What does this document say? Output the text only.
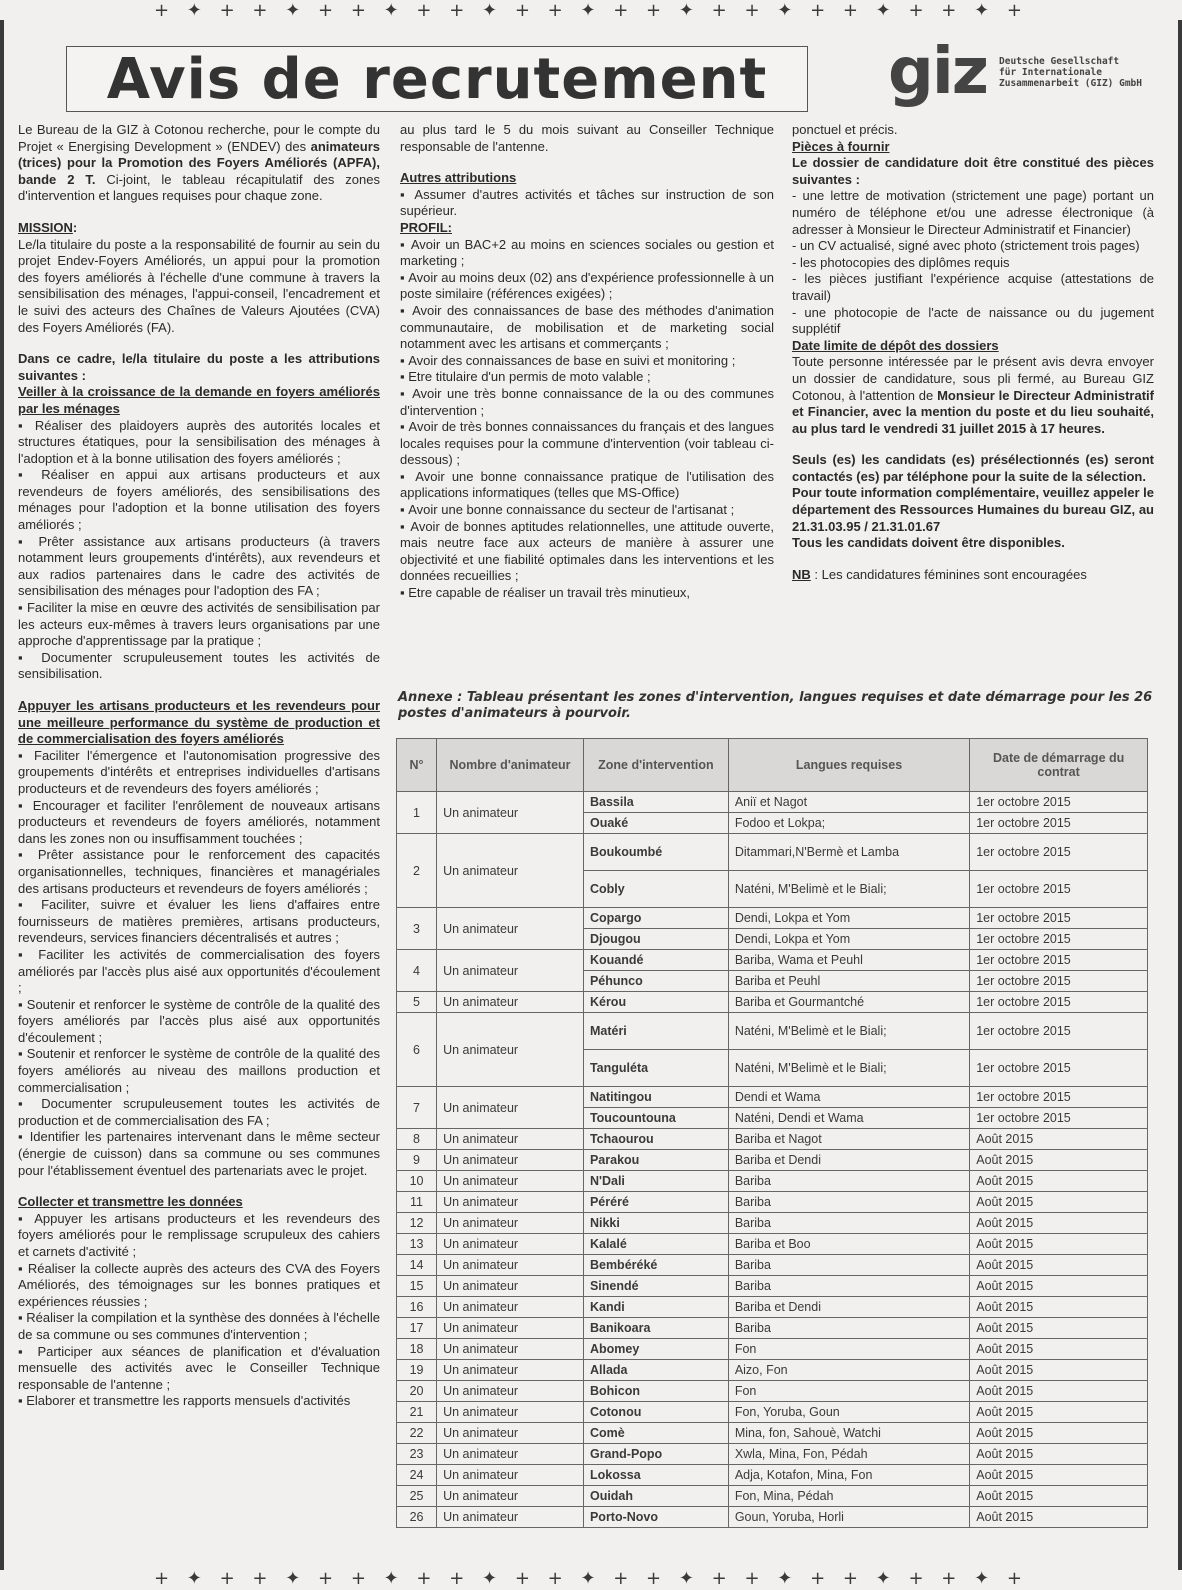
+ ✦ + + ✦ + + ✦ + + ✦ + + ✦ + + ✦ + + ✦ + + ✦ + + ✦ +
+ ✦ + + ✦ + + ✦ + + ✦ + + ✦ + + ✦ + + ✦ + + ✦ + + ✦ +
Avis de recrutement giz Deutsche Gesellschaft
für Internationale
Zusammenarbeit (GIZ) GmbH

Le Bureau de la GIZ à Cotonou recherche, pour le compte du Projet « Energising Development » (ENDEV) des animateurs (trices) pour la Promotion des Foyers Améliorés (APFA), bande 2 T. Ci-joint, le tableau récapitulatif des zones d'intervention et langues requises pour chaque zone.

MISSION:

Le/la titulaire du poste a la responsabilité de fournir au sein du projet Endev-Foyers Améliorés, un appui pour la promotion des foyers améliorés à l'échelle d'une commune à travers la sensibilisation des ménages, l'appui-conseil, l'encadrement et le suivi des acteurs des Chaînes de Valeurs Ajoutées (CVA) des Foyers Améliorés (FA).

Dans ce cadre, le/la titulaire du poste a les attributions suivantes :

Veiller à la croissance de la demande en foyers améliorés par les ménages

▪ Réaliser des plaidoyers auprès des autorités locales et structures étatiques, pour la sensibilisation des ménages à l'adoption et à la bonne utilisation des foyers améliorés ;

▪ Réaliser en appui aux artisans producteurs et aux revendeurs de foyers améliorés, des sensibilisations des ménages pour l'adoption et la bonne utilisation des foyers améliorés ;

▪ Prêter assistance aux artisans producteurs (à travers notamment leurs groupements d'intérêts), aux revendeurs et aux radios partenaires dans le cadre des activités de sensibilisation des ménages pour l'adoption des FA ;

▪ Faciliter la mise en œuvre des activités de sensibilisation par les acteurs eux-mêmes à travers leurs organisations par une approche d'apprentissage par la pratique ;

▪ Documenter scrupuleusement toutes les activités de sensibilisation.

Appuyer les artisans producteurs et les revendeurs pour une meilleure performance du système de production et de commercialisation des foyers améliorés

▪ Faciliter l'émergence et l'autonomisation progressive des groupements d'intérêts et entreprises individuelles d'artisans producteurs et de revendeurs des foyers améliorés ;

▪ Encourager et faciliter l'enrôlement de nouveaux artisans producteurs et revendeurs de foyers améliorés, notamment dans les zones non ou insuffisamment touchées ;

▪ Prêter assistance pour le renforcement des capacités organisationnelles, techniques, financières et managériales des artisans producteurs et revendeurs de foyers améliorés ;

▪ Faciliter, suivre et évaluer les liens d'affaires entre fournisseurs de matières premières, artisans producteurs, revendeurs, services financiers décentralisés et autres ;

▪ Faciliter les activités de commercialisation des foyers améliorés par l'accès plus aisé aux opportunités d'écoulement ;

▪ Soutenir et renforcer le système de contrôle de la qualité des foyers améliorés par l'accès plus aisé aux opportunités d'écoulement ;

▪ Soutenir et renforcer le système de contrôle de la qualité des foyers améliorés au niveau des maillons production et commercialisation ;

▪ Documenter scrupuleusement toutes les activités de production et de commercialisation des FA ;

▪ Identifier les partenaires intervenant dans le même secteur (énergie de cuisson) dans sa commune ou ses communes pour l'établissement éventuel des partenariats avec le projet.

Collecter et transmettre les données

▪ Appuyer les artisans producteurs et les revendeurs des foyers améliorés pour le remplissage scrupuleux des cahiers et carnets d'activité ;

▪ Réaliser la collecte auprès des acteurs des CVA des Foyers Améliorés, des témoignages sur les bonnes pratiques et expériences réussies ;

▪ Réaliser la compilation et la synthèse des données à l'échelle de sa commune ou ses communes d'intervention ;

▪ Participer aux séances de planification et d'évaluation mensuelle des activités avec le Conseiller Technique responsable de l'antenne ;

▪ Elaborer et transmettre les rapports mensuels d'activités

au plus tard le 5 du mois suivant au Conseiller Technique responsable de l'antenne.

Autres attributions

▪ Assumer d'autres activités et tâches sur instruction de son supérieur.

PROFIL:

▪ Avoir un BAC+2 au moins en sciences sociales ou gestion et marketing ;

▪ Avoir au moins deux (02) ans d'expérience professionnelle à un poste similaire (références exigées) ;

▪ Avoir des connaissances de base des méthodes d'animation communautaire, de mobilisation et de marketing social notamment avec les artisans et commerçants ;

▪ Avoir des connaissances de base en suivi et monitoring ;

▪ Etre titulaire d'un permis de moto valable ;

▪ Avoir une très bonne connaissance de la ou des communes d'intervention ;

▪ Avoir de très bonnes connaissances du français et des langues locales requises pour la commune d'intervention (voir tableau ci-dessous) ;

▪ Avoir une bonne connaissance pratique de l'utilisation des applications informatiques (telles que MS-Office)

▪ Avoir une bonne connaissance du secteur de l'artisanat ;

▪ Avoir de bonnes aptitudes relationnelles, une attitude ouverte, mais neutre face aux acteurs de manière à assurer une objectivité et une fiabilité optimales dans les interventions et les données recueillies ;

▪ Etre capable de réaliser un travail très minutieux,

ponctuel et précis.

Pièces à fournir

Le dossier de candidature doit être constitué des pièces suivantes :

- une lettre de motivation (strictement une page) portant un numéro de téléphone et/ou une adresse électronique (à adresser à Monsieur le Directeur Administratif et Financier)

- un CV actualisé, signé avec photo (strictement trois pages)

- les photocopies des diplômes requis

- les pièces justifiant l'expérience acquise (attestations de travail)

- une photocopie de l'acte de naissance ou du jugement supplétif

Date limite de dépôt des dossiers

Toute personne intéressée par le présent avis devra envoyer un dossier de candidature, sous pli fermé, au Bureau GIZ Cotonou, à l'attention de Monsieur le Directeur Administratif et Financier, avec la mention du poste et du lieu souhaité, au plus tard le vendredi 31 juillet 2015 à 17 heures.

Seuls (es) les candidats (es) présélectionnés (es) seront contactés (es) par téléphone pour la suite de la sélection.

Pour toute information complémentaire, veuillez appeler le département des Ressources Humaines du bureau GIZ, au 21.31.03.95 / 21.31.01.67

Tous les candidats doivent être disponibles.

NB : Les candidatures féminines sont encouragées

Annexe : Tableau présentant les zones d'intervention, langues requises et date démarrage pour les 26 postes d'animateurs à pourvoir.
N°	Nombre d'animateur	Zone d'intervention	Langues requises	Date de démarrage du contrat
1	Un animateur	Bassila	Aniï et Nagot	1er octobre 2015
		Ouaké	Fodoo et Lokpa;	1er octobre 2015
2	Un animateur	Boukoumbé	Ditammari,N'Bermè et Lamba	1er octobre 2015
		Cobly	Naténi, M'Belimè et le Biali;	1er octobre 2015
3	Un animateur	Copargo	Dendi, Lokpa et Yom	1er octobre 2015
		Djougou	Dendi, Lokpa et Yom	1er octobre 2015
4	Un animateur	Kouandé	Bariba, Wama et Peuhl	1er octobre 2015
		Péhunco	Bariba et Peuhl	1er octobre 2015
5	Un animateur	Kérou	Bariba et Gourmantché	1er octobre 2015
6	Un animateur	Matéri	Naténi, M'Belimè et le Biali;	1er octobre 2015
		Tanguléta	Naténi, M'Belimè et le Biali;	1er octobre 2015
7	Un animateur	Natitingou	Dendi et Wama	1er octobre 2015
		Toucountouna	Naténi, Dendi et Wama	1er octobre 2015
8	Un animateur	Tchaourou	Bariba et Nagot	Août 2015
9	Un animateur	Parakou	Bariba et Dendi	Août 2015
10	Un animateur	N'Dali	Bariba	Août 2015
11	Un animateur	Péréré	Bariba	Août 2015
12	Un animateur	Nikki	Bariba	Août 2015
13	Un animateur	Kalalé	Bariba et Boo	Août 2015
14	Un animateur	Bembéréké	Bariba	Août 2015
15	Un animateur	Sinendé	Bariba	Août 2015
16	Un animateur	Kandi	Bariba et Dendi	Août 2015
17	Un animateur	Banikoara	Bariba	Août 2015
18	Un animateur	Abomey	Fon	Août 2015
19	Un animateur	Allada	Aizo, Fon	Août 2015
20	Un animateur	Bohicon	Fon	Août 2015
21	Un animateur	Cotonou	Fon, Yoruba, Goun	Août 2015
22	Un animateur	Comè	Mina, fon, Sahouè, Watchi	Août 2015
23	Un animateur	Grand-Popo	Xwla, Mina, Fon, Pédah	Août 2015
24	Un animateur	Lokossa	Adja, Kotafon, Mina, Fon	Août 2015
25	Un animateur	Ouidah	Fon, Mina, Pédah	Août 2015
26	Un animateur	Porto-Novo	Goun, Yoruba, Horli	Août 2015
